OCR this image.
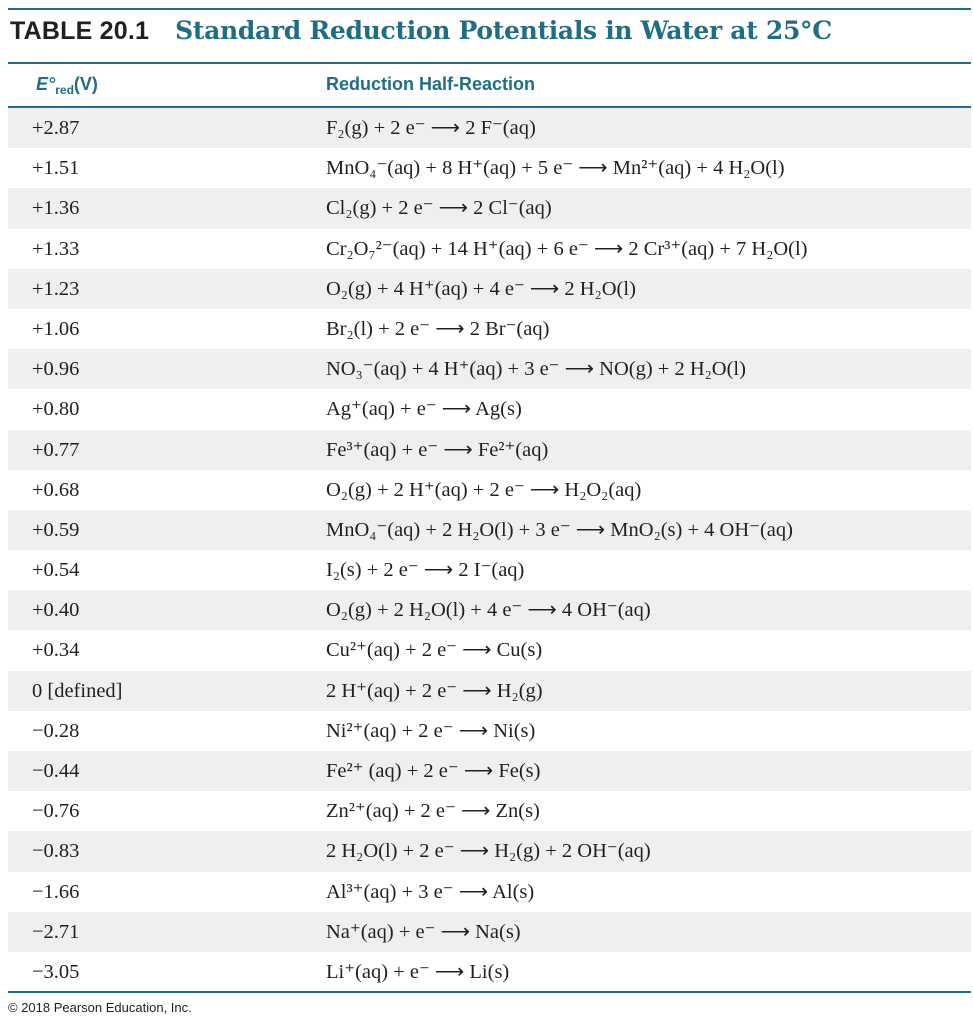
TABLE 20.1 Standard Reduction Potentials in Water at 25°C
$E^\circ_{red}(V)$	Reduction Half-Reaction
+2.87	F₂(g) + 2 e⁻ ⟶ 2 F⁻(aq)
+1.51	MnO₄⁻(aq) + 8 H⁺(aq) + 5 e⁻ ⟶ Mn²⁺(aq) + 4 H₂O(l)
+1.36	Cl₂(g) + 2 e⁻ ⟶ 2 Cl⁻(aq)
+1.33	Cr₂O₇²⁻(aq) + 14 H⁺(aq) + 6 e⁻ ⟶ 2 Cr³⁺(aq) + 7 H₂O(l)
+1.23	O₂(g) + 4 H⁺(aq) + 4 e⁻ ⟶ 2 H₂O(l)
+1.06	Br₂(l) + 2 e⁻ ⟶ 2 Br⁻(aq)
+0.96	NO₃⁻(aq) + 4 H⁺(aq) + 3 e⁻ ⟶ NO(g) + 2 H₂O(l)
+0.80	Ag⁺(aq) + e⁻ ⟶ Ag(s)
+0.77	Fe³⁺(aq) + e⁻ ⟶ Fe²⁺(aq)
+0.68	O₂(g) + 2 H⁺(aq) + 2 e⁻ ⟶ H₂O₂(aq)
+0.59	MnO₄⁻(aq) + 2 H₂O(l) + 3 e⁻ ⟶ MnO₂(s) + 4 OH⁻(aq)
+0.54	I₂(s) + 2 e⁻ ⟶ 2 I⁻(aq)
+0.40	O₂(g) + 2 H₂O(l) + 4 e⁻ ⟶ 4 OH⁻(aq)
+0.34	Cu²⁺(aq) + 2 e⁻ ⟶ Cu(s)
0 [defined]	2 H⁺(aq) + 2 e⁻ ⟶ H₂(g)
−0.28	Ni²⁺(aq) + 2 e⁻ ⟶ Ni(s)
−0.44	Fe²⁺ (aq) + 2 e⁻ ⟶ Fe(s)
−0.76	Zn²⁺(aq) + 2 e⁻ ⟶ Zn(s)
−0.83	2 H₂O(l) + 2 e⁻ ⟶ H₂(g) + 2 OH⁻(aq)
−1.66	Al³⁺(aq) + 3 e⁻ ⟶ Al(s)
−2.71	Na⁺(aq) + e⁻ ⟶ Na(s)
−3.05	Li⁺(aq) + e⁻ ⟶ Li(s)
© 2018 Pearson Education, Inc.
